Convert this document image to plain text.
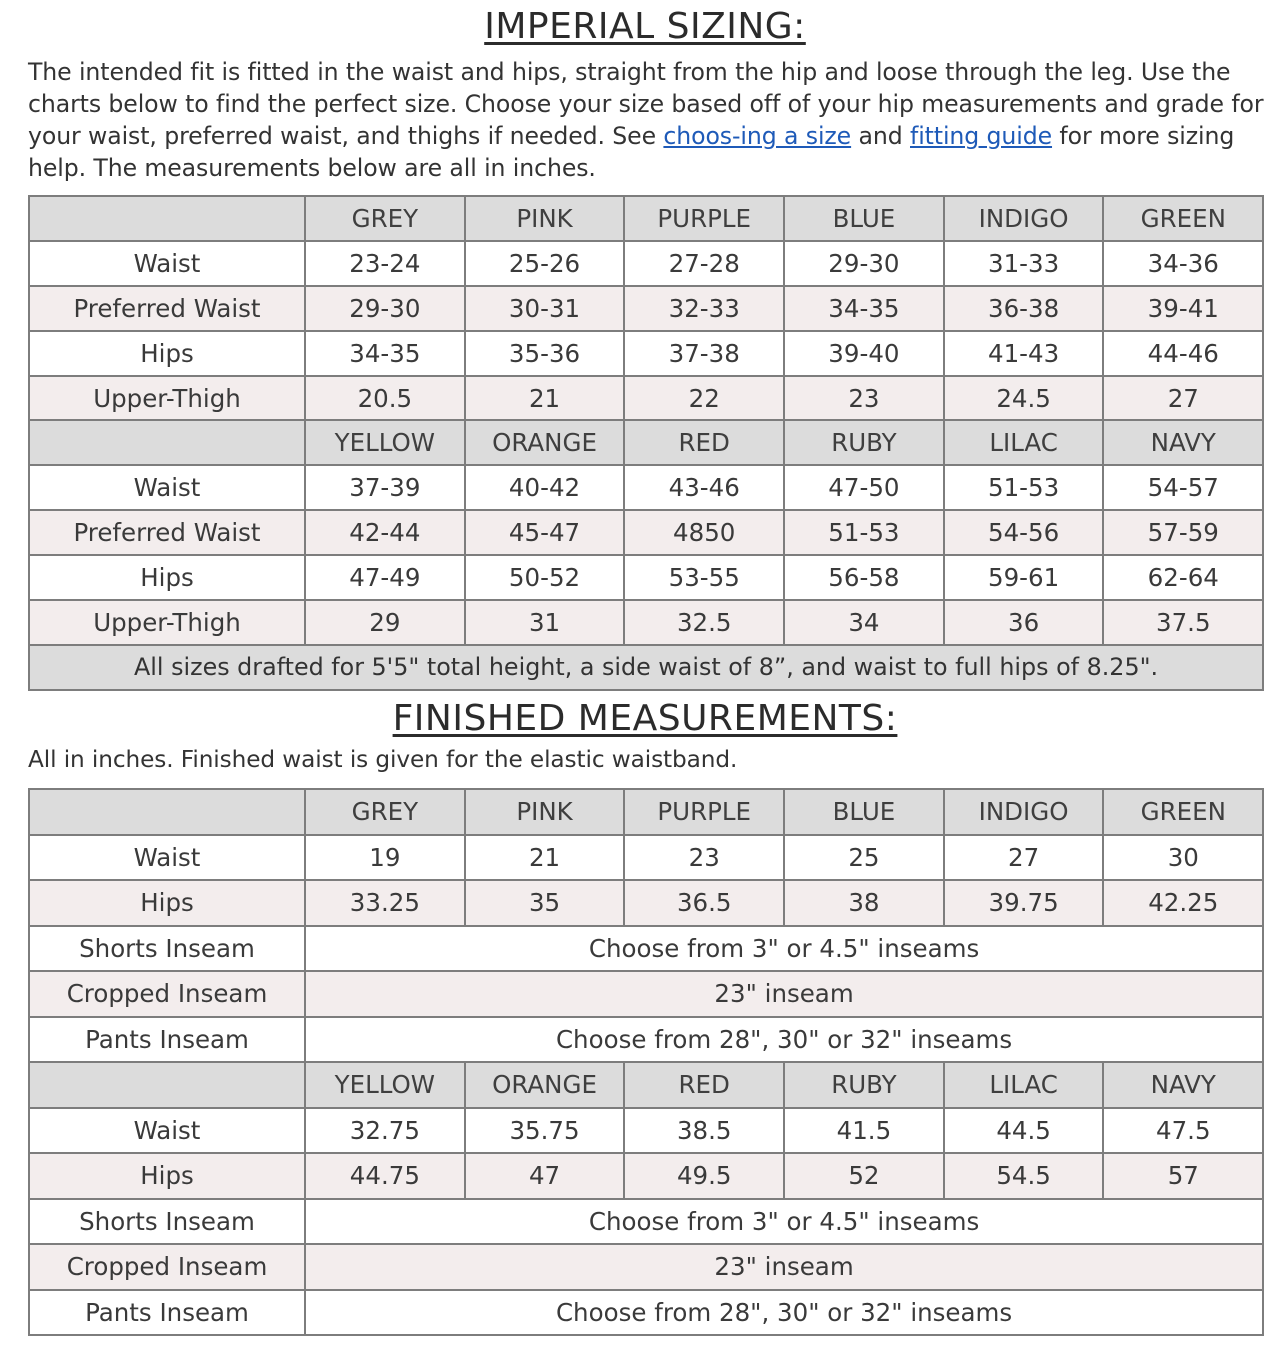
IMPERIAL SIZING:

The intended fit is fitted in the waist and hips, straight from the hip and loose through the leg. Use the charts below to find the perfect size. Choose your size based off of your hip measurements and grade for your waist, preferred waist, and thighs if needed. See choos-ing a size and fitting guide for more sizing help. The measurements below are all in inches.

	GREY	PINK	PURPLE	BLUE	INDIGO	GREEN
Waist	23-24	25-26	27-28	29-30	31-33	34-36
Preferred Waist	29-30	30-31	32-33	34-35	36-38	39-41
Hips	34-35	35-36	37-38	39-40	41-43	44-46
Upper-Thigh	20.5	21	22	23	24.5	27
	YELLOW	ORANGE	RED	RUBY	LILAC	NAVY
Waist	37-39	40-42	43-46	47-50	51-53	54-57
Preferred Waist	42-44	45-47	4850	51-53	54-56	57-59
Hips	47-49	50-52	53-55	56-58	59-61	62-64
Upper-Thigh	29	31	32.5	34	36	37.5
All sizes drafted for 5'5" total height, a side waist of 8”, and waist to full hips of 8.25".						
FINISHED MEASUREMENTS:

All in inches. Finished waist is given for the elastic waistband.

	GREY	PINK	PURPLE	BLUE	INDIGO	GREEN
Waist	19	21	23	25	27	30
Hips	33.25	35	36.5	38	39.75	42.25
Shorts Inseam	Choose from 3" or 4.5" inseams					
Cropped Inseam	23" inseam					
Pants Inseam	Choose from 28", 30" or 32" inseams					
	YELLOW	ORANGE	RED	RUBY	LILAC	NAVY
Waist	32.75	35.75	38.5	41.5	44.5	47.5
Hips	44.75	47	49.5	52	54.5	57
Shorts Inseam	Choose from 3" or 4.5" inseams					
Cropped Inseam	23" inseam					
Pants Inseam	Choose from 28", 30" or 32" inseams					
